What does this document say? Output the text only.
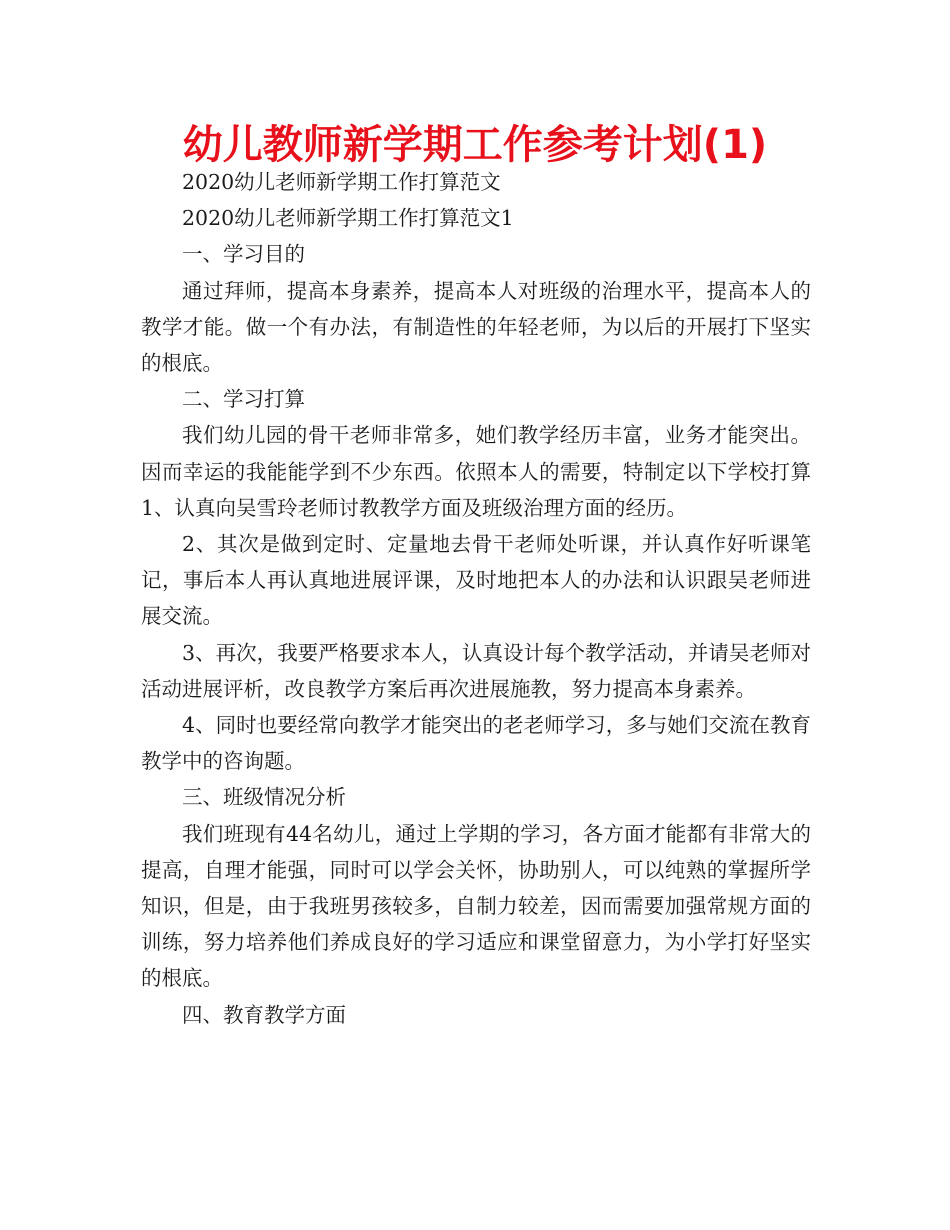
幼儿教师新学期工作参考计划(1)

2020幼儿老师新学期工作打算范文

2020幼儿老师新学期工作打算范文1

一、学习目的

通过拜师，提高本身素养，提高本人对班级的治理水平，提高本人的教学才能。做一个有办法，有制造性的年轻老师，为以后的开展打下坚实的根底。

二、学习打算

我们幼儿园的骨干老师非常多，她们教学经历丰富，业务才能突出。因而幸运的我能能学到不少东西。依照本人的需要，特制定以下学校打算　　1、认真向吴雪玲老师讨教教学方面及班级治理方面的经历。

2、其次是做到定时、定量地去骨干老师处听课，并认真作好听课笔记，事后本人再认真地进展评课，及时地把本人的办法和认识跟吴老师进展交流。

3、再次，我要严格要求本人，认真设计每个教学活动，并请吴老师对活动进展评析，改良教学方案后再次进展施教，努力提高本身素养。

4、同时也要经常向教学才能突出的老老师学习，多与她们交流在教育教学中的咨询题。

三、班级情况分析

我们班现有44名幼儿，通过上学期的学习，各方面才能都有非常大的提高，自理才能强，同时可以学会关怀，协助别人，可以纯熟的掌握所学知识，但是，由于我班男孩较多，自制力较差，因而需要加强常规方面的训练，努力培养他们养成良好的学习适应和课堂留意力，为小学打好坚实的根底。

四、教育教学方面
